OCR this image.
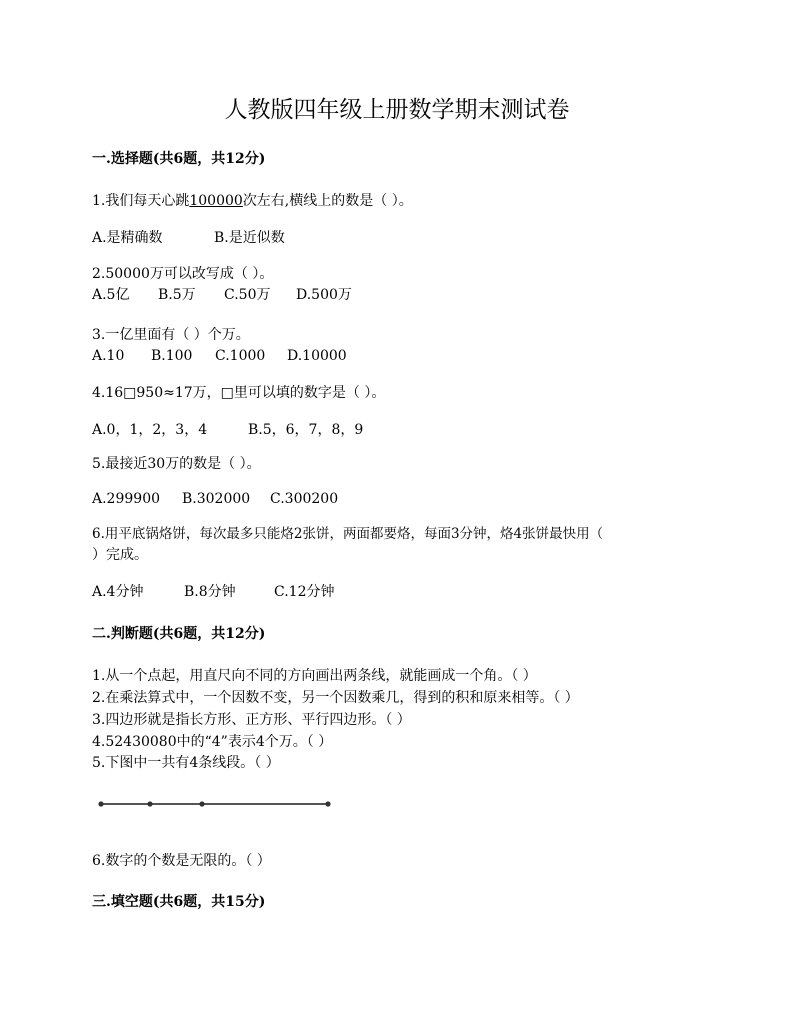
人教版四年级上册数学期末测试卷
一.选择题(共6题，共12分)
1.我们每天心跳100000次左右,横线上的数是（ ）。
A.是精确数	B.是近似数
2.50000万可以改写成（ ）。
A.5亿 B.5万 C.50万 D.500万
3.一亿里面有（ ）个万。
A.10 B.100 C.1000 D.10000
4.16□950≈17万，□里可以填的数字是（ ）。
A.0，1，2，3，4	B.5，6，7，8，9
5.最接近30万的数是（ ）。
A.299900 B.302000 C.300200
6.用平底锅烙饼，每次最多只能烙2张饼，两面都要烙，每面3分钟，烙4张饼最快用（
）完成。
A.4分钟	B.8分钟	C.12分钟
二.判断题(共6题，共12分)
1.从一个点起，用直尺向不同的方向画出两条线，就能画成一个角。（ ）
2.在乘法算式中，一个因数不变，另一个因数乘几，得到的积和原来相等。（ ）
3.四边形就是指长方形、正方形、平行四边形。（ ）
4.52430080中的“4”表示4个万。（ ）
5.下图中一共有4条线段。（ ）
6.数字的个数是无限的。（ ）
三.填空题(共6题，共15分)
